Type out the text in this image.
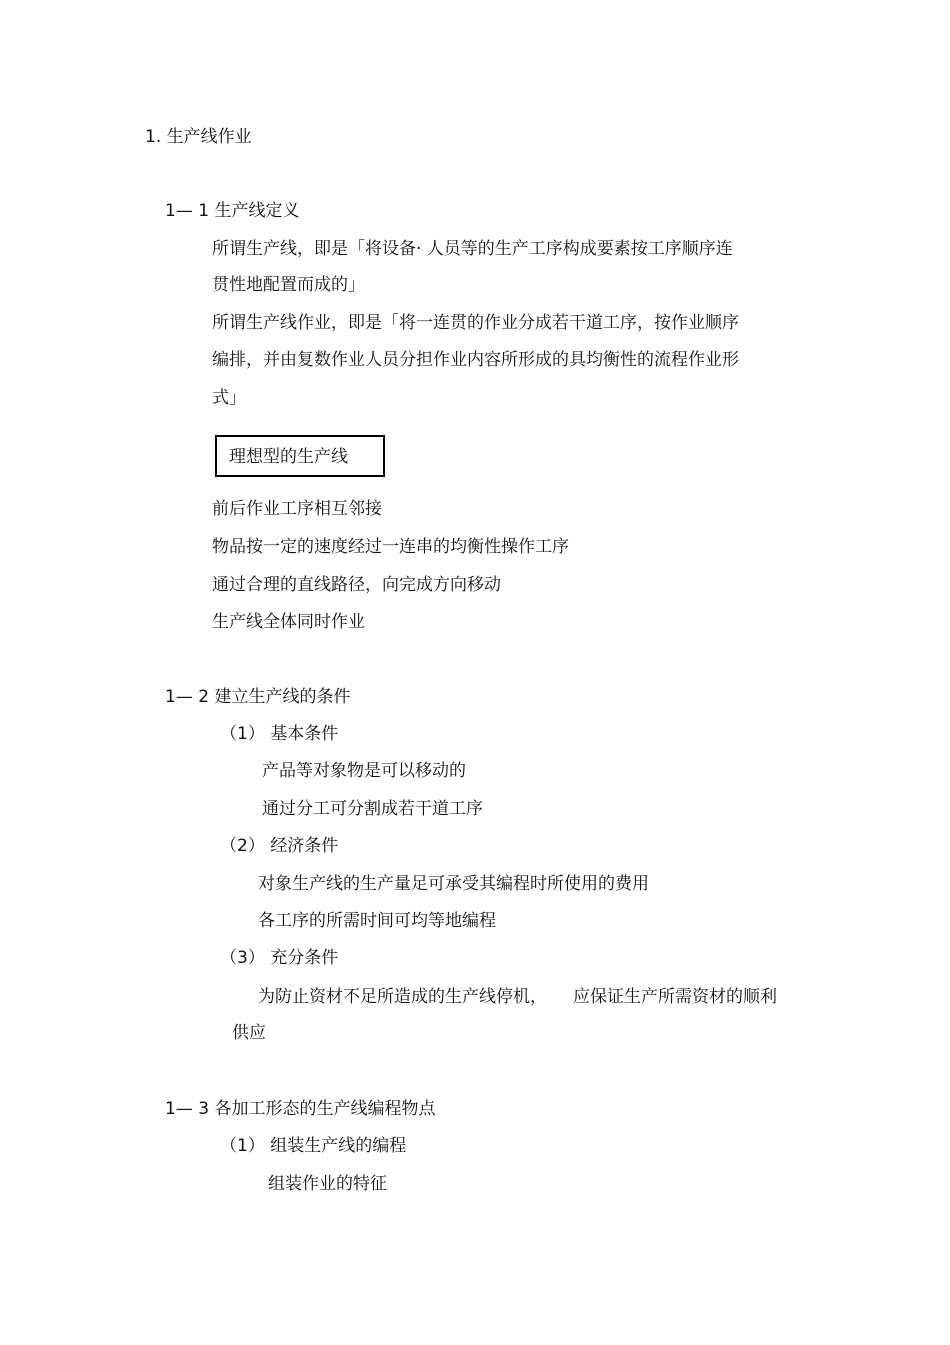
1. 生产线作业
1— 1 生产线定义
所谓生产线，即是「将设备· 人员等的生产工序构成要素按工序顺序连
贯性地配置而成的」
所谓生产线作业，即是「将一连贯的作业分成若干道工序，按作业顺序
编排，并由复数作业人员分担作业内容所形成的具均衡性的流程作业形
式」
理想型的生产线
前后作业工序相互邻接
物品按一定的速度经过一连串的均衡性操作工序
通过合理的直线路径，向完成方向移动
生产线全体同时作业
1— 2 建立生产线的条件
（1） 基本条件
产品等对象物是可以移动的
通过分工可分割成若干道工序
（2） 经济条件
对象生产线的生产量足可承受其编程时所使用的费用
各工序的所需时间可均等地编程
（3） 充分条件
为防止资材不足所造成的生产线停机， 应保证生产所需资材的顺利
供应
1— 3 各加工形态的生产线编程物点
（1） 组装生产线的编程
组装作业的特征
